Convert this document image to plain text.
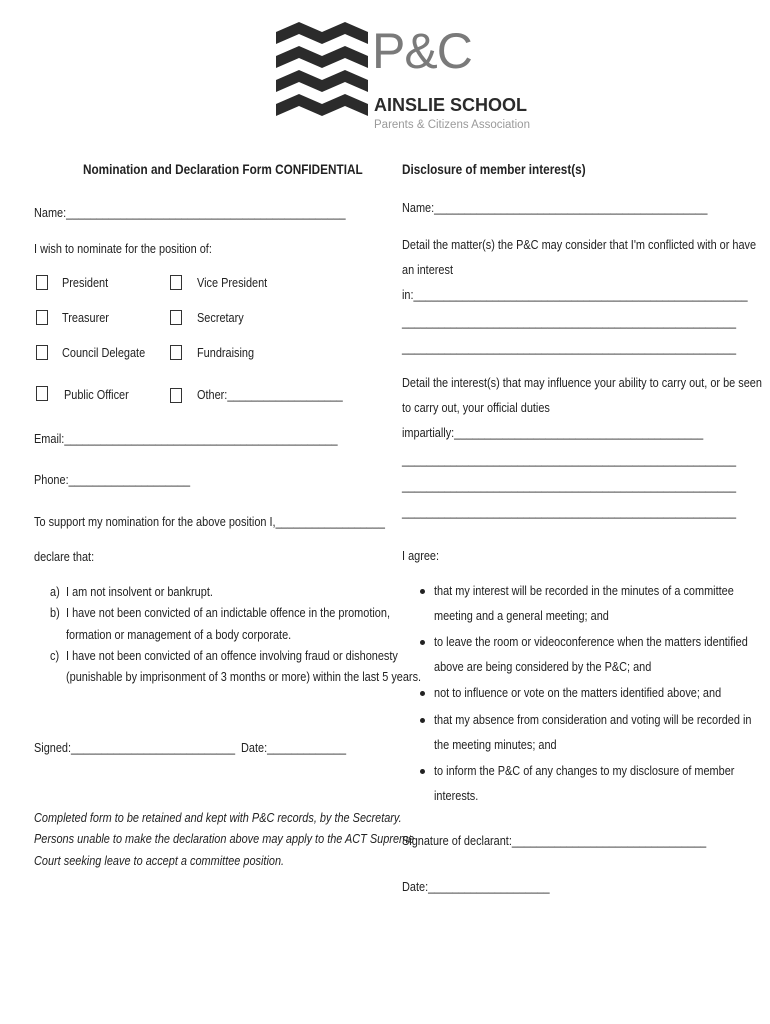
P&C
AINSLIE SCHOOL
Parents & Citizens Association
Nomination and Declaration Form CONFIDENTIAL
Name:______________________________________________
I wish to nominate for the position of:
President	Vice President
Treasurer	Secretary
Council Delegate	Fundraising
Public Officer	Other:___________________
Email:_____________________________________________
Phone:____________________
To support my nomination for the above position I,__________________
declare that:
a) I am not insolvent or bankrupt.
b) I have not been convicted of an indictable offence in the promotion,
formation or management of a body corporate.
c) I have not been convicted of an offence involving fraud or dishonesty
(punishable by imprisonment of 3 months or more) within the last 5 years.
Signed:___________________________ Date:_____________
Completed form to be retained and kept with P&C records, by the Secretary.
Persons unable to make the declaration above may apply to the ACT Supreme
Court seeking leave to accept a committee position.
Disclosure of member interest(s)
Name:_____________________________________________
Detail the matter(s) the P&C may consider that I'm conflicted with or have
an interest
in:_______________________________________________________
_______________________________________________________
_______________________________________________________
Detail the interest(s) that may influence your ability to carry out, or be seen
to carry out, your official duties
impartially:_________________________________________
_______________________________________________________
_______________________________________________________
_______________________________________________________
I agree:
that my interest will be recorded in the minutes of a committee
meeting and a general meeting; and
to leave the room or videoconference when the matters identified
above are being considered by the P&C; and
not to influence or vote on the matters identified above; and
that my absence from consideration and voting will be recorded in
the meeting minutes; and
to inform the P&C of any changes to my disclosure of member
interests.
Signature of declarant:________________________________
Date:____________________
